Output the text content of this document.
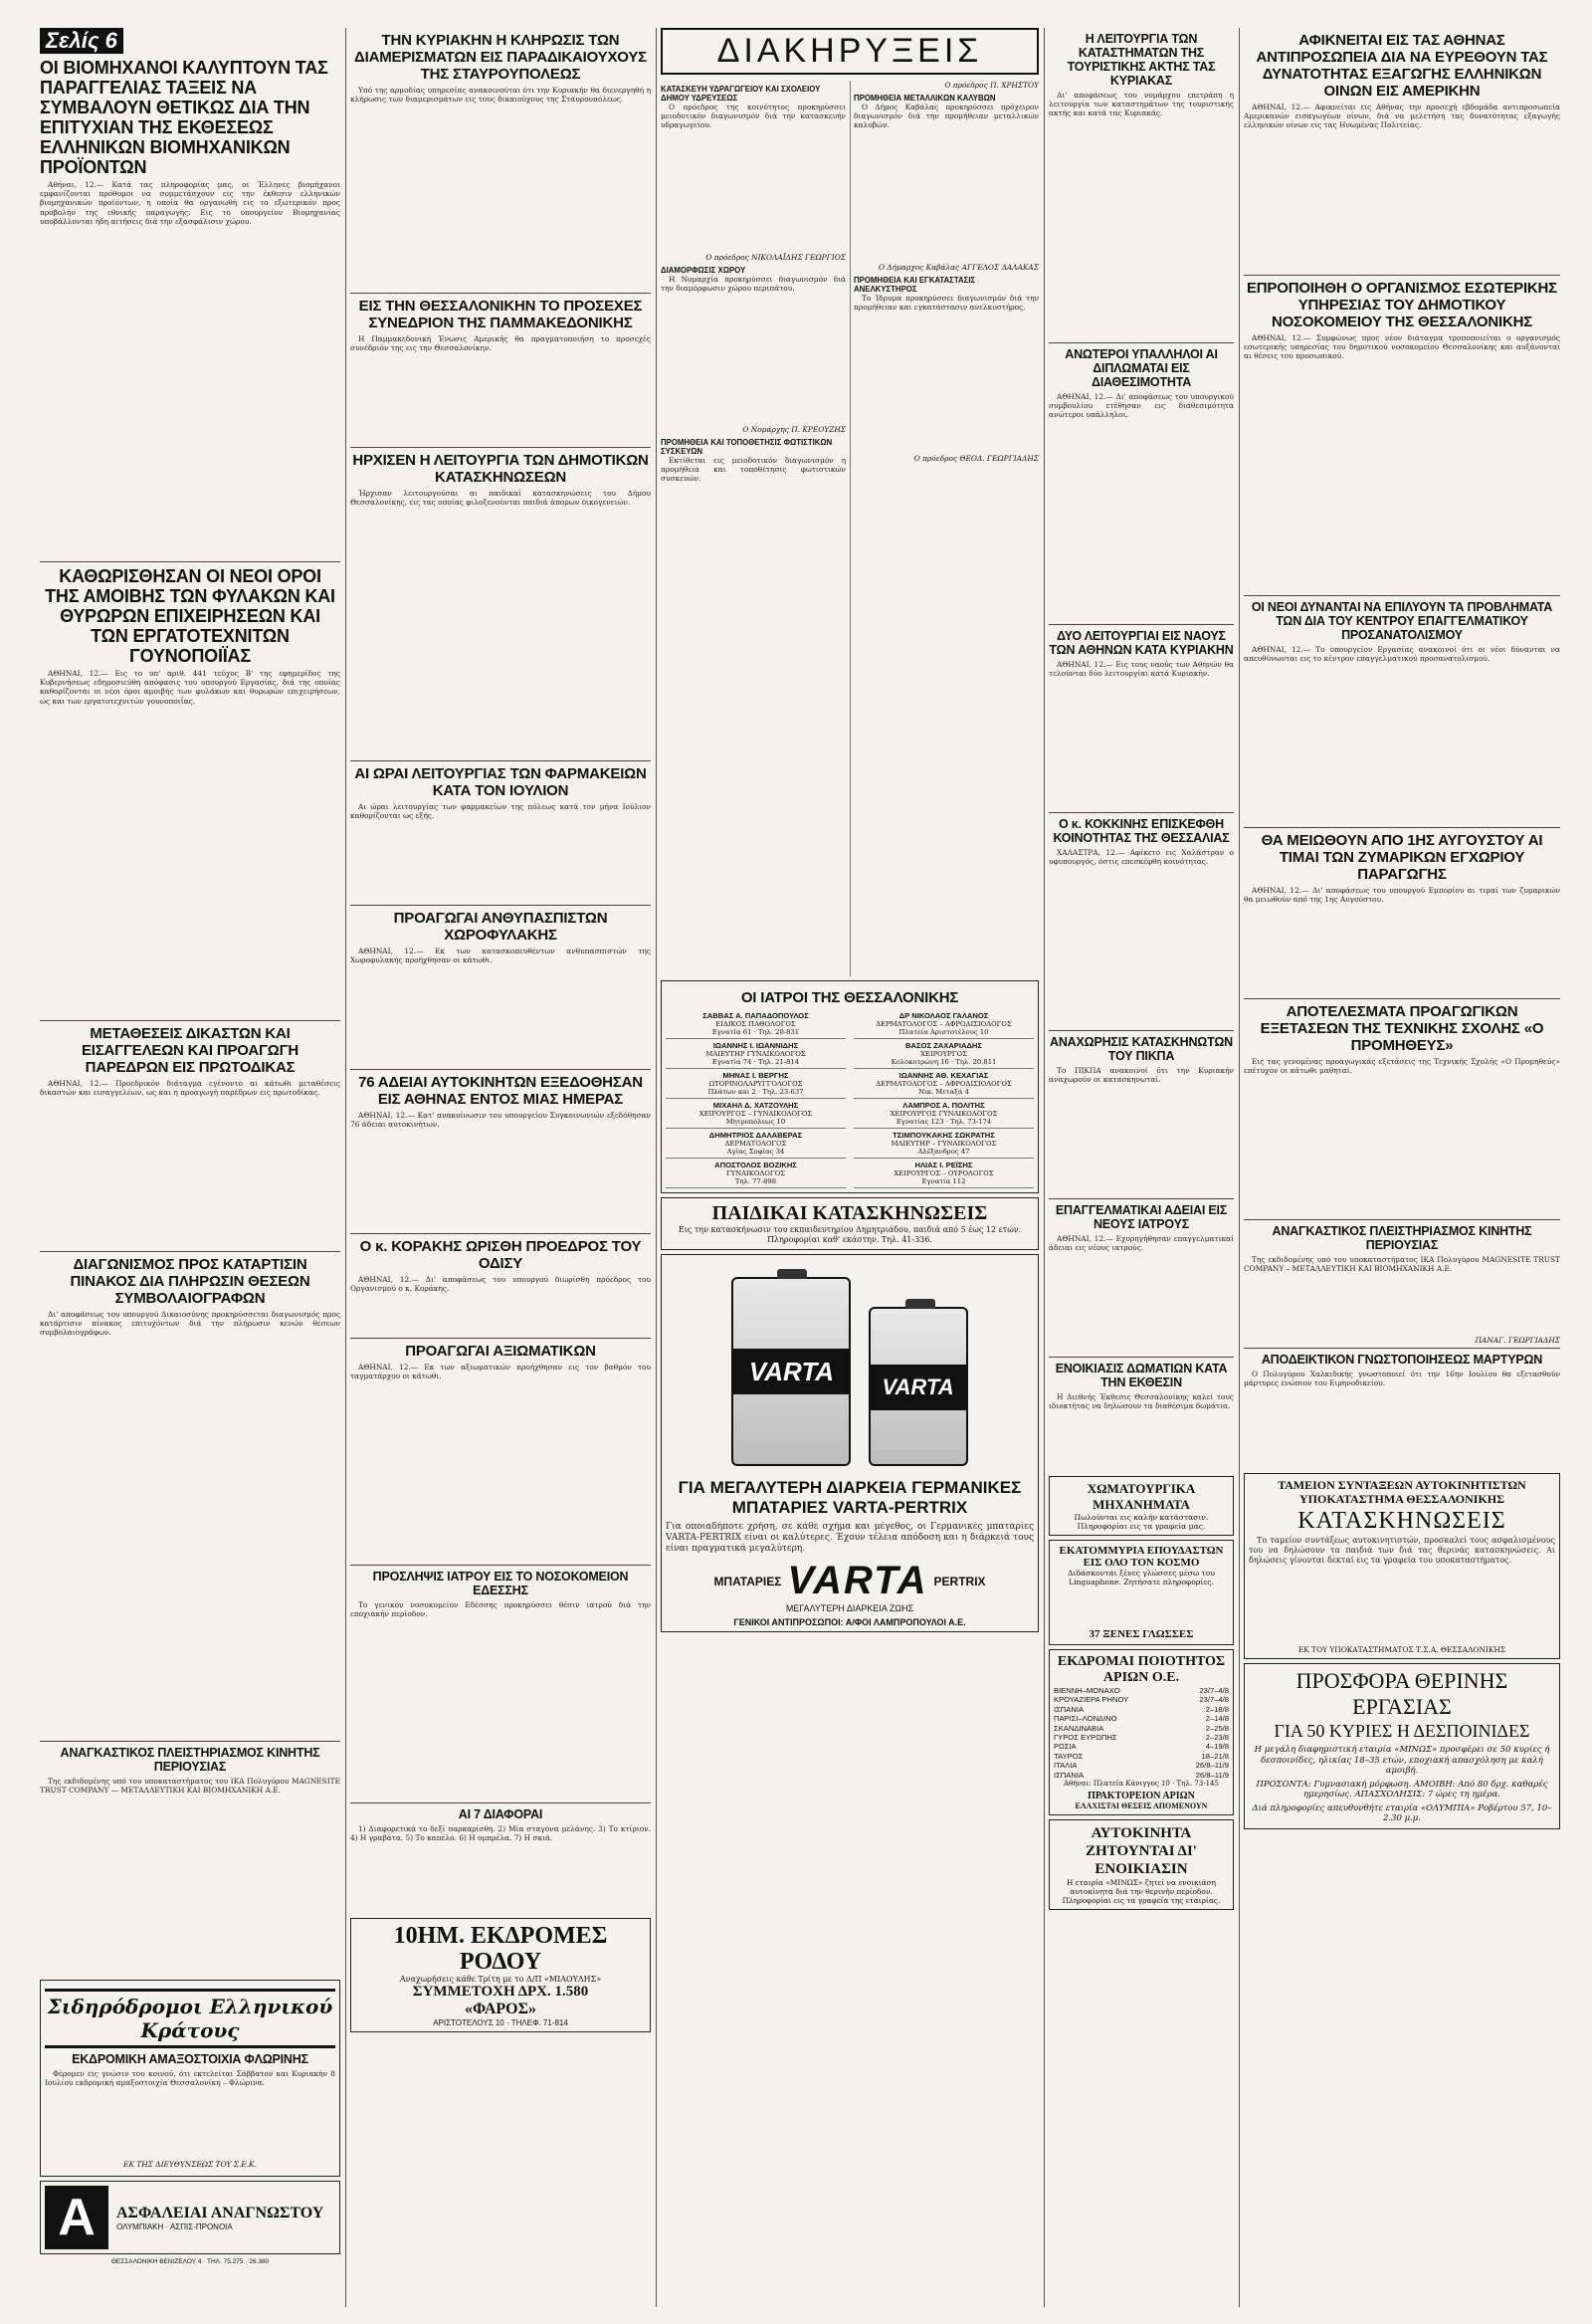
Σελίς 6
ΟΙ ΒΙΟΜΗΧΑΝΟΙ ΚΑΛΥΠΤΟΥΝ ΤΑΣ ΠΑΡΑΓΓΕΛΙΑΣ ΤΑΞΕΙΣ ΝΑ ΣΥΜΒΑΛΟΥΝ ΘΕΤΙΚΩΣ ΔΙΑ ΤΗΝ ΕΠΙΤΥΧΙΑΝ ΤΗΣ ΕΚΘΕΣΕΩΣ ΕΛΛΗΝΙΚΩΝ ΒΙΟΜΗΧΑΝΙΚΩΝ ΠΡΟΪΟΝΤΩΝ
Αθήναι, 12.— Κατά τας πληροφορίας μας, οι Έλληνες βιομήχανοι εμφανίζονται πρόθυμοι να συμμετάσχουν εις την έκθεσιν ελληνικών βιομηχανικών προϊόντων, η οποία θα οργανωθή εις το εξωτερικόν προς προβολήν της εθνικής παραγωγής. Εις το υπουργείον Βιομηχανίας υποβάλλονται ήδη αιτήσεις διά την εξασφάλισιν χώρου.
ΚΑΘΩΡΙΣΘΗΣΑΝ ΟΙ ΝΕΟΙ ΟΡΟΙ ΤΗΣ ΑΜΟΙΒΗΣ ΤΩΝ ΦΥΛΑΚΩΝ ΚΑΙ ΘΥΡΩΡΩΝ ΕΠΙΧΕΙΡΗΣΕΩΝ ΚΑΙ ΤΩΝ ΕΡΓΑΤΟΤΕΧΝΙΤΩΝ ΓΟΥΝΟΠΟΙΪΑΣ
ΑΘΗΝΑΙ, 12.— Εις το υπ' αριθ. 441 τεύχος Β' της εφημερίδος της Κυβερνήσεως εδημοσιεύθη απόφασις του υπουργού Εργασίας, διά της οποίας καθορίζονται οι νέοι όροι αμοιβής των φυλάκων και θυρωρών επιχειρήσεων, ως και των εργατοτεχνιτών γουνοποιΐας.
ΜΕΤΑΘΕΣΕΙΣ ΔΙΚΑΣΤΩΝ ΚΑΙ ΕΙΣΑΓΓΕΛΕΩΝ ΚΑΙ ΠΡΟΑΓΩΓΗ ΠΑΡΕΔΡΩΝ ΕΙΣ ΠΡΩΤΟΔΙΚΑΣ
ΑΘΗΝΑΙ, 12.— Προεδρικόν διάταγμα εγένοντο αι κάτωθι μεταθέσεις δικαστών και εισαγγελέων, ως και η προαγωγή παρέδρων εις πρωτοδίκας.
ΔΙΑΓΩΝΙΣΜΟΣ ΠΡΟΣ ΚΑΤΑΡΤΙΣΙΝ ΠΙΝΑΚΟΣ ΔΙΑ ΠΛΗΡΩΣΙΝ ΘΕΣΕΩΝ ΣΥΜΒΟΛΑΙΟΓΡΑΦΩΝ
Δι' αποφάσεως του υπουργού Δικαιοσύνης προκηρύσσεται διαγωνισμός προς κατάρτισιν πίνακος επιτυχόντων διά την πλήρωσιν κενών θέσεων συμβολαιογράφων.
ΑΝΑΓΚΑΣΤΙΚΟΣ ΠΛΕΙΣΤΗΡΙΑΣΜΟΣ ΚΙΝΗΤΗΣ ΠΕΡΙΟΥΣΙΑΣ
Της εκδιδομένης υπό του υποκαταστήματος του ΙΚΑ Πολυγύρου MAGNESITE TRUST COMPANY — ΜΕΤΑΛΛΕΥΤΙΚΗ ΚΑΙ ΒΙΟΜΗΧΑΝΙΚΗ Α.Ε.
Σιδηρόδρομοι Ελληνικού Κράτους
ΕΚΔΡΟΜΙΚΗ ΑΜΑΞΟΣΤΟΙΧΙΑ ΦΛΩΡΙΝΗΣ
Φέρομεν εις γνώσιν του κοινού, ότι εκτελείται Σάββατον και Κυριακήν 8 Ιουλίου εκδρομική αμαξοστοιχία Θεσσαλονίκη – Φλώρινα.
ΕΚ ΤΗΣ ΔΙΕΥΘΥΝΣΕΩΣ ΤΟΥ Σ.Ε.Κ.
Α	ΑΣΦΑΛΕΙΑΙ ΑΝΑΓΝΩΣΤΟΥ
ΟΛΥΜΠΙΑΚΗ · ΑΣΠΙΣ-ΠΡΟΝΟΙΑ
ΘΕΣΣΑΛΟΝΙΚΗ ΒΕΝΙΖΕΛΟΥ 4 · ΤΗΛ. 75.275 · 26.380
ΤΗΝ ΚΥΡΙΑΚΗΝ Η ΚΛΗΡΩΣΙΣ ΤΩΝ ΔΙΑΜΕΡΙΣΜΑΤΩΝ ΕΙΣ ΠΑΡΑΔΙΚΑΙΟΥΧΟΥΣ ΤΗΣ ΣΤΑΥΡΟΥΠΟΛΕΩΣ
Υπό της αρμοδίας υπηρεσίας ανακοινούται ότι την Κυριακήν θα διενεργηθή η κλήρωσις των διαμερισμάτων εις τους δικαιούχους της Σταυρουπόλεως.
ΕΙΣ ΤΗΝ ΘΕΣΣΑΛΟΝΙΚΗΝ ΤΟ ΠΡΟΣΕΧΕΣ ΣΥΝΕΔΡΙΟΝ ΤΗΣ ΠΑΜΜΑΚΕΔΟΝΙΚΗΣ
Η Παμμακεδονική Ένωσις Αμερικής θα πραγματοποιήση το προσεχές συνέδριόν της εις την Θεσσαλονίκην.
ΗΡΧΙΣΕΝ Η ΛΕΙΤΟΥΡΓΙΑ ΤΩΝ ΔΗΜΟΤΙΚΩΝ ΚΑΤΑΣΚΗΝΩΣΕΩΝ
Ήρχισαν λειτουργούσαι αι παιδικαί κατασκηνώσεις του Δήμου Θεσσαλονίκης, εις τας οποίας φιλοξενούνται παιδιά άπορων οικογενειών.
ΑΙ ΩΡΑΙ ΛΕΙΤΟΥΡΓΙΑΣ ΤΩΝ ΦΑΡΜΑΚΕΙΩΝ ΚΑΤΑ ΤΟΝ ΙΟΥΛΙΟΝ
Αι ώραι λειτουργίας των φαρμακείων της πόλεως κατά τον μήνα Ιούλιον καθορίζονται ως εξής.
ΠΡΟΑΓΩΓΑΙ ΑΝΘΥΠΑΣΠΙΣΤΩΝ ΧΩΡΟΦΥΛΑΚΗΣ
ΑΘΗΝΑΙ, 12.— Εκ των κατασκοπευθέντων ανθυπασπιστών της Χωροφυλακής προήχθησαν οι κάτωθι.
76 ΑΔΕΙΑΙ ΑΥΤΟΚΙΝΗΤΩΝ ΕΞΕΔΟΘΗΣΑΝ ΕΙΣ ΑΘΗΝΑΣ ΕΝΤΟΣ ΜΙΑΣ ΗΜΕΡΑΣ
ΑΘΗΝΑΙ, 12.— Κατ' ανακοίνωσιν του υπουργείου Συγκοινωνιών εξεδόθησαν 76 άδειαι αυτοκινήτων.
Ο κ. ΚΟΡΑΚΗΣ ΩΡΙΣΘΗ ΠΡΟΕΔΡΟΣ ΤΟΥ ΟΔΙΣΥ
ΑΘΗΝΑΙ, 12.— Δι' αποφάσεως του υπουργού διωρίσθη πρόεδρος του Οργανισμού ο κ. Κοράκης.
ΠΡΟΑΓΩΓΑΙ ΑΞΙΩΜΑΤΙΚΩΝ
ΑΘΗΝΑΙ, 12.— Εκ των αξιωματικών προήχθησαν εις τον βαθμόν του ταγματάρχου οι κάτωθι.
ΠΡΟΣΛΗΨΙΣ ΙΑΤΡΟΥ ΕΙΣ ΤΟ ΝΟΣΟΚΟΜΕΙΟΝ ΕΔΕΣΣΗΣ
Το γενικόν νοσοκομείον Εδέσσης προκηρύσσει θέσιν ιατρού διά την εποχιακήν περίοδον.
ΑΙ 7 ΔΙΑΦΟΡΑΙ
1) Διαφορετικά το δεξί παρκαρίσθη. 2) Μία σταγόνα μελάνης. 3) Το κτίριον. 4) Η γραβάτα. 5) Το καπέλο. 6) Η ομπρέλα. 7) Η σκιά.
10ΗΜ. ΕΚΔΡΟΜΕΣ ΡΟΔΟΥ
Αναχωρήσεις κάθε Τρίτη με το Δ/Π «ΜΙΑΟΥΛΗΣ»
ΣΥΜΜΕΤΟΧΗ ΔΡΧ. 1.580
«ΦΑΡΟΣ»
ΑΡΙΣΤΟΤΕΛΟΥΣ 10 · ΤΗΛΕΦ. 71-814
ΔΙΑΚΗΡΥΞΕΙΣ
ΚΑΤΑΣΚΕΥΗ ΥΔΡΑΓΩΓΕΙΟΥ ΚΑΙ ΣΧΟΛΕΙΟΥ ΔΗΜΟΥ ΥΔΡΕΥΣΕΩΣ
Ο πρόεδρος της κοινότητος προκηρύσσει μειοδοτικόν διαγωνισμόν διά την κατασκευήν υδραγωγείου.
Ο πρόεδρος ΝΙΚΟΛΑΪΔΗΣ ΓΕΩΡΓΙΟΣ
ΔΙΑΜΟΡΦΩΣΙΣ ΧΩΡΟΥ
Η Νομαρχία προκηρύσσει διαγωνισμόν διά την διαμόρφωσιν χώρου περιπάτου.
Ο Νομάρχης Π. ΚΡΕΟΥΖΗΣ
ΠΡΟΜΗΘΕΙΑ ΚΑΙ ΤΟΠΟΘΕΤΗΣΙΣ ΦΩΤΙΣΤΙΚΩΝ ΣΥΣΚΕΥΩΝ
Εκτίθεται εις μειοδοτικόν διαγωνισμόν η προμήθεια και τοποθέτησις φωτιστικών συσκευών.
Ο πρόεδρος Π. ΧΡΗΣΤΟΥ
ΠΡΟΜΗΘΕΙΑ ΜΕΤΑΛΛΙΚΩΝ ΚΑΛΥΒΩΝ
Ο Δήμος Καβάλας προκηρύσσει πρόχειρον διαγωνισμόν διά την προμήθειαν μεταλλικών καλυβών.
Ο Δήμαρχος Καβάλας ΑΓΓΕΛΟΣ ΔΑΛΑΚΑΣ
ΠΡΟΜΗΘΕΙΑ ΚΑΙ ΕΓΚΑΤΑΣΤΑΣΙΣ ΑΝΕΛΚΥΣΤΗΡΟΣ
Το Ίδρυμα προκηρύσσει διαγωνισμόν διά την προμήθειαν και εγκατάστασιν ανελκυστήρος.
Ο πρόεδρος ΘΕΟΔ. ΓΕΩΡΓΙΑΔΗΣ
ΟΙ ΙΑΤΡΟΙ ΤΗΣ ΘΕΣΣΑΛΟΝΙΚΗΣ
ΣΑΒΒΑΣ Α. ΠΑΠΑΔΟΠΟΥΛΟΣ
ΕΙΔΙΚΟΣ ΠΑΘΟΛΟΓΟΣ
Εγνατία 61 · Τηλ. 20-831
ΔΡ ΝΙΚΟΛΑΟΣ ΓΑΛΑΝΟΣ
ΔΕΡΜΑΤΟΛΟΓΟΣ – ΑΦΡΟΔΙΣΙΟΛΟΓΟΣ
Πλατεία Αριστοτέλους 10
ΙΩΑΝΝΗΣ Ι. ΙΩΑΝΝΙΔΗΣ
ΜΑΙΕΥΤΗΡ ΓΥΝΑΙΚΟΛΟΓΟΣ
Εγνατία 74 · Τηλ. 21-814
ΒΑΣΟΣ ΖΑΧΑΡΙΑΔΗΣ
ΧΕΙΡΟΥΡΓΟΣ
Κολοκοτρώνη 16 · Τηλ. 20.811
ΜΗΝΑΣ Ι. ΒΕΡΓΗΣ
ΩΤΟΡΙΝΟΛΑΡΥΓΓΟΛΟΓΟΣ
Πλάτων και 2 · Τηλ. 23-637
ΙΩΑΝΝΗΣ ΑΘ. ΚΕΧΑΓΙΑΣ
ΔΕΡΜΑΤΟΛΟΓΟΣ – ΑΦΡΟΔΙΣΙΟΛΟΓΟΣ
Νικ. Μεταξά 4
ΜΙΧΑΗΛ Δ. ΧΑΤΖΟΥΛΗΣ
ΧΕΙΡΟΥΡΓΟΣ – ΓΥΝΑΙΚΟΛΟΓΟΣ
Μητροπόλεως 10
ΛΑΜΠΡΟΣ Α. ΠΟΛΙΤΗΣ
ΧΕΙΡΟΥΡΓΟΣ ΓΥΝΑΙΚΟΛΟΓΟΣ
Εγνατίας 123 · Τηλ. 73-174
ΔΗΜΗΤΡΙΟΣ ΔΑΛΑΒΕΡΑΣ
ΔΕΡΜΑΤΟΛΟΓΟΣ
Αγίας Σοφίας 34
ΤΣΙΜΠΟΥΚΑΚΗΣ ΣΩΚΡΑΤΗΣ
ΜΑΙΕΥΤΗΡ – ΓΥΝΑΙΚΟΛΟΓΟΣ
Αλέξανδρος 47
ΑΠΟΣΤΟΛΟΣ ΒΟΖΙΚΗΣ
ΓΥΝΑΙΚΟΛΟΓΟΣ
Τηλ. 77-898
ΗΛΙΑΣ Ι. ΡΕΪΣΗΣ
ΧΕΙΡΟΥΡΓΟΣ – ΟΥΡΟΛΟΓΟΣ
Εγνατία 112
ΠΑΙΔΙΚΑΙ ΚΑΤΑΣΚΗΝΩΣΕΙΣ
Εις την κατασκήνωσιν του εκπαιδευτηρίου Δημητριάδου, παιδιά από 5 έως 12 ετών. Πληροφορίαι καθ' εκάστην. Τηλ. 41-336.
VARTA

VARTA
ΓΙΑ ΜΕΓΑΛΥΤΕΡΗ ΔΙΑΡΚΕΙΑ ΓΕΡΜΑΝΙΚΕΣ ΜΠΑΤΑΡΙΕΣ VARTA-PERTRIX
Για οποιαδήποτε χρήση, σε κάθε σχήμα και μέγεθος, οι Γερμανικές μπαταρίες VARTA-PERTRIX είναι οι καλύτερες. Έχουν τέλεια απόδοση και η διάρκειά τους είναι πραγματικά μεγαλύτερη.
ΜΠΑΤΑΡΙΕΣ VARTA PERTRIX
ΜΕΓΑΛΥΤΕΡΗ ΔΙΑΡΚΕΙΑ ΖΩΗΣ
ΓΕΝΙΚΟΙ ΑΝΤΙΠΡΟΣΩΠΟΙ: Α/ΦΟΙ ΛΑΜΠΡΟΠΟΥΛΟΙ Α.Ε.
Η ΛΕΙΤΟΥΡΓΙΑ ΤΩΝ ΚΑΤΑΣΤΗΜΑΤΩΝ ΤΗΣ ΤΟΥΡΙΣΤΙΚΗΣ ΑΚΤΗΣ ΤΑΣ ΚΥΡΙΑΚΑΣ
Δι' αποφάσεως του νομάρχου επετράπη η λειτουργία των καταστημάτων της τουριστικής ακτής και κατά τας Κυριακάς.
ΑΝΩΤΕΡΟΙ ΥΠΑΛΛΗΛΟΙ ΑΙ ΔΙΠΛΩΜΑΤΑΙ ΕΙΣ ΔΙΑΘΕΣΙΜΟΤΗΤΑ
ΑΘΗΝΑΙ, 12.— Δι' αποφάσεως του υπουργικού συμβουλίου ετέθησαν εις διαθεσιμότητα ανώτεροι υπάλληλοι.
ΔΥΟ ΛΕΙΤΟΥΡΓΙΑΙ ΕΙΣ ΝΑΟΥΣ ΤΩΝ ΑΘΗΝΩΝ ΚΑΤΑ ΚΥΡΙΑΚΗΝ
ΑΘΗΝΑΙ, 12.— Εις τους ναούς των Αθηνών θα τελούνται δύο λειτουργίαι κατά Κυριακήν.
Ο κ. ΚΟΚΚΙΝΗΣ ΕΠΙΣΚΕΦΘΗ ΚΟΙΝΟΤΗΤΑΣ ΤΗΣ ΘΕΣΣΑΛΙΑΣ
ΧΑΛΑΣΤΡΑ, 12.— Αφίκετο εις Χαλάστραν ο υφυπουργός, όστις επεσκέφθη κοινότητας.
ΑΝΑΧΩΡΗΣΙΣ ΚΑΤΑΣΚΗΝΩΤΩΝ ΤΟΥ ΠΙΚΠΑ
Το ΠΙΚΠΑ ανακοινοί ότι την Κυριακήν αναχωρούν οι κατασκηνωταί.
ΕΠΑΓΓΕΛΜΑΤΙΚΑΙ ΑΔΕΙΑΙ ΕΙΣ ΝΕΟΥΣ ΙΑΤΡΟΥΣ
ΑΘΗΝΑΙ, 12.— Εχορηγήθησαν επαγγελματικαί άδειαι εις νέους ιατρούς.
ΕΝΟΙΚΙΑΣΙΣ ΔΩΜΑΤΙΩΝ ΚΑΤΑ ΤΗΝ ΕΚΘΕΣΙΝ
Η Διεθνής Έκθεσις Θεσσαλονίκης καλεί τους ιδιοκτήτας να δηλώσουν τα διαθέσιμα δωμάτια.
ΧΩΜΑΤΟΥΡΓΙΚΑ ΜΗΧΑΝΗΜΑΤΑ
Πωλούνται εις καλήν κατάστασιν. Πληροφορίαι εις τα γραφεία μας.
ΕΚΑΤΟΜΜΥΡΙΑ ΕΠΟΥΔΑΣΤΩΝ ΕΙΣ ΟΛΟ ΤΟΝ ΚΟΣΜΟ
Διδάσκονται ξένες γλώσσες μέσω του Linguaphone. Ζητήσατε πληροφορίες.
37 ΞΕΝΕΣ ΓΛΩΣΣΕΣ
ΕΚΔΡΟΜΑΙ ΠΟΙΟΤΗΤΟΣ ΑΡΙΩΝ Ο.Ε.
ΒΙΕΝΝΗ–ΜΟΝΑΧΟ	23/7–4/8
ΚΡΟΥΑΖΙΕΡΑ ΡΗΝΟΥ	23/7–4/8
ΙΣΠΑΝΙΑ	2–18/8
ΠΑΡΙΣΙ–ΛΟΝΔΙΝΟ	2–14/8
ΣΚΑΝΔΙΝΑΒΙΑ	2–25/8
ΓΥΡΟΣ ΕΥΡΩΠΗΣ	2–23/8
ΡΩΣΙΑ	4–19/8
ΤΑΥΡΟΣ	18–21/8
ΙΤΑΛΙΑ	26/8–11/9
ΙΣΠΑΝΙΑ	26/8–11/9
Αθήναι: Πλατεία Κάνιγγος 10 · Τηλ. 73-145
ΠΡΑΚΤΟΡΕΙΟΝ ΑΡΙΩΝ
ΕΛΑΧΙΣΤΑΙ ΘΕΣΕΙΣ ΑΠΟΜΕΝΟΥΝ
ΑΥΤΟΚΙΝΗΤΑ ΖΗΤΟΥΝΤΑΙ ΔΙ' ΕΝΟΙΚΙΑΣΙΝ
Η εταιρία «ΜΙΝΩΣ» ζητεί να ενοικιάση αυτοκίνητα διά την θερινήν περίοδον. Πληροφορίαι εις τα γραφεία της εταιρίας.
ΑΦΙΚΝΕΙΤΑΙ ΕΙΣ ΤΑΣ ΑΘΗΝΑΣ ΑΝΤΙΠΡΟΣΩΠΕΙΑ ΔΙΑ ΝΑ ΕΥΡΕΘΟΥΝ ΤΑΣ ΔΥΝΑΤΟΤΗΤΑΣ ΕΞΑΓΩΓΗΣ ΕΛΛΗΝΙΚΩΝ ΟΙΝΩΝ ΕΙΣ ΑΜΕΡΙΚΗΝ
ΑΘΗΝΑΙ, 12.— Αφικνείται εις Αθήνας την προσεχή εβδομάδα αντιπροσωπεία Αμερικανών εισαγωγέων οίνων, διά να μελετήση τας δυνατότητας εξαγωγής ελληνικών οίνων εις τας Ηνωμένας Πολιτείας.
ΕΠΡΟΠΟΙΗΘΗ Ο ΟΡΓΑΝΙΣΜΟΣ ΕΣΩΤΕΡΙΚΗΣ ΥΠΗΡΕΣΙΑΣ ΤΟΥ ΔΗΜΟΤΙΚΟΥ ΝΟΣΟΚΟΜΕΙΟΥ ΤΗΣ ΘΕΣΣΑΛΟΝΙΚΗΣ
ΑΘΗΝΑΙ, 12.— Συμφώνως προς νέον διάταγμα τροποποιείται ο οργανισμός εσωτερικής υπηρεσίας του δημοτικού νοσοκομείου Θεσσαλονίκης και αυξάνονται αι θέσεις του προσωπικού.
ΟΙ ΝΕΟΙ ΔΥΝΑΝΤΑΙ ΝΑ ΕΠΙΛΥΟΥΝ ΤΑ ΠΡΟΒΛΗΜΑΤΑ ΤΩΝ ΔΙΑ ΤΟΥ ΚΕΝΤΡΟΥ ΕΠΑΓΓΕΛΜΑΤΙΚΟΥ ΠΡΟΣΑΝΑΤΟΛΙΣΜΟΥ
ΑΘΗΝΑΙ, 12.— Το υπουργείον Εργασίας ανακοινοί ότι οι νέοι δύνανται να απευθύνωνται εις το κέντρον επαγγελματικού προσανατολισμού.
ΘΑ ΜΕΙΩΘΟΥΝ ΑΠΟ 1ΗΣ ΑΥΓΟΥΣΤΟΥ ΑΙ ΤΙΜΑΙ ΤΩΝ ΖΥΜΑΡΙΚΩΝ ΕΓΧΩΡΙΟΥ ΠΑΡΑΓΩΓΗΣ
ΑΘΗΝΑΙ, 12.— Δι' αποφάσεως του υπουργού Εμπορίου αι τιμαί των ζυμαρικών θα μειωθούν από της 1ης Αυγούστου.
ΑΠΟΤΕΛΕΣΜΑΤΑ ΠΡΟΑΓΩΓΙΚΩΝ ΕΞΕΤΑΣΕΩΝ ΤΗΣ ΤΕΧΝΙΚΗΣ ΣΧΟΛΗΣ «Ο ΠΡΟΜΗΘΕΥΣ»
Εις τας γενομένας προαγωγικάς εξετάσεις της Τεχνικής Σχολής «Ο Προμηθεύς» επέτυχον οι κάτωθι μαθηταί.
ΑΝΑΓΚΑΣΤΙΚΟΣ ΠΛΕΙΣΤΗΡΙΑΣΜΟΣ ΚΙΝΗΤΗΣ ΠΕΡΙΟΥΣΙΑΣ
Της εκδιδομένης υπό του υποκαταστήματος ΙΚΑ Πολυγύρου MAGNESITE TRUST COMPANY – ΜΕΤΑΛΛΕΥΤΙΚΗ ΚΑΙ ΒΙΟΜΗΧΑΝΙΚΗ Α.Ε.
ΠΑΝΑΓ. ΓΕΩΡΓΙΑΔΗΣ
ΑΠΟΔΕΙΚΤΙΚΟΝ ΓΝΩΣΤΟΠΟΙΗΣΕΩΣ ΜΑΡΤΥΡΩΝ
Ο Πολυγύρου Χαλκιδικής γνωστοποιεί ότι την 16ην Ιουλίου θα εξετασθούν μάρτυρες ενώπιον του Ειρηνοδικείου.
ΤΑΜΕΙΟΝ ΣΥΝΤΑΞΕΩΝ ΑΥΤΟΚΙΝΗΤΙΣΤΩΝ ΥΠΟΚΑΤΑΣΤΗΜΑ ΘΕΣΣΑΛΟΝΙΚΗΣ
ΚΑΤΑΣΚΗΝΩΣΕΙΣ
Το ταμείον συντάξεως αυτοκινητιστών, προσκαλεί τους ασφαλισμένους του να δηλώσουν τα παιδιά των διά τας θερινάς κατασκηνώσεις. Αι δηλώσεις γίνονται δεκταί εις τα γραφεία του υποκαταστήματος.
ΕΚ ΤΟΥ ΥΠΟΚΑΤΑΣΤΗΜΑΤΟΣ Τ.Σ.Α. ΘΕΣΣΑΛΟΝΙΚΗΣ
ΠΡΟΣΦΟΡΑ ΘΕΡΙΝΗΣ ΕΡΓΑΣΙΑΣ
ΓΙΑ 50 ΚΥΡΙΕΣ Η ΔΕΣΠΟΙΝΙΔΕΣ
Η μεγάλη διαφημιστική εταιρία «ΜΙΝΩΣ» προσφέρει σε 50 κυρίες ή δεσποινίδες, ηλικίας 18–35 ετών, εποχιακή απασχόληση με καλή αμοιβή.
ΠΡΟΣΟΝΤΑ: Γυμνασιακή μόρφωση. ΑΜΟΙΒΗ: Από 80 δρχ. καθαρές ημερησίως. ΑΠΑΣΧΟΛΗΣΙΣ: 7 ώρες τη ημέρα.
Διά πληροφορίες απευθυνθήτε εταιρία «ΟΛΥΜΠΙΑ» Ροβέρτου 57, 10–2.30 μ.μ.
